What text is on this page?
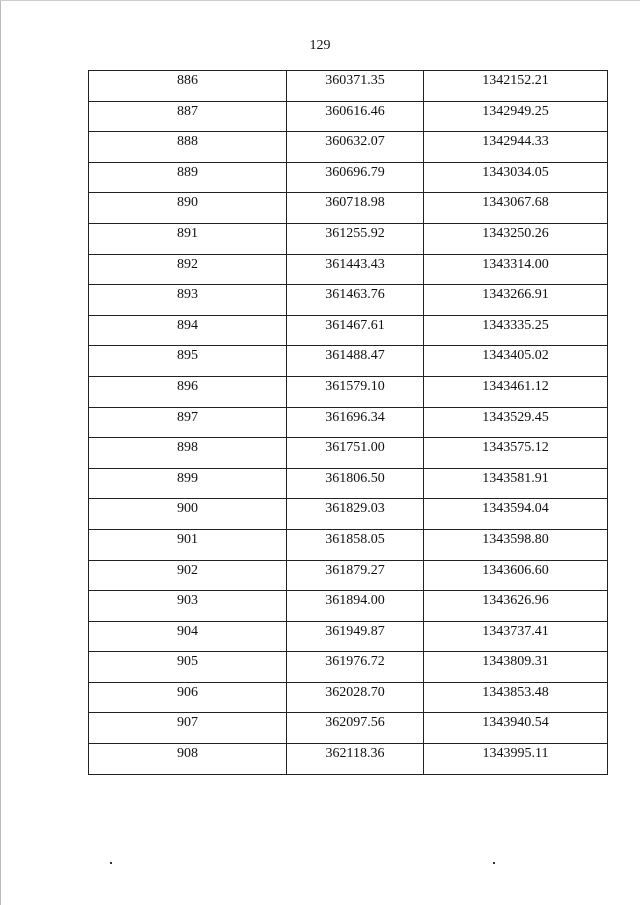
129
886	360371.35	1342152.21
887	360616.46	1342949.25
888	360632.07	1342944.33
889	360696.79	1343034.05
890	360718.98	1343067.68
891	361255.92	1343250.26
892	361443.43	1343314.00
893	361463.76	1343266.91
894	361467.61	1343335.25
895	361488.47	1343405.02
896	361579.10	1343461.12
897	361696.34	1343529.45
898	361751.00	1343575.12
899	361806.50	1343581.91
900	361829.03	1343594.04
901	361858.05	1343598.80
902	361879.27	1343606.60
903	361894.00	1343626.96
904	361949.87	1343737.41
905	361976.72	1343809.31
906	362028.70	1343853.48
907	362097.56	1343940.54
908	362118.36	1343995.11
